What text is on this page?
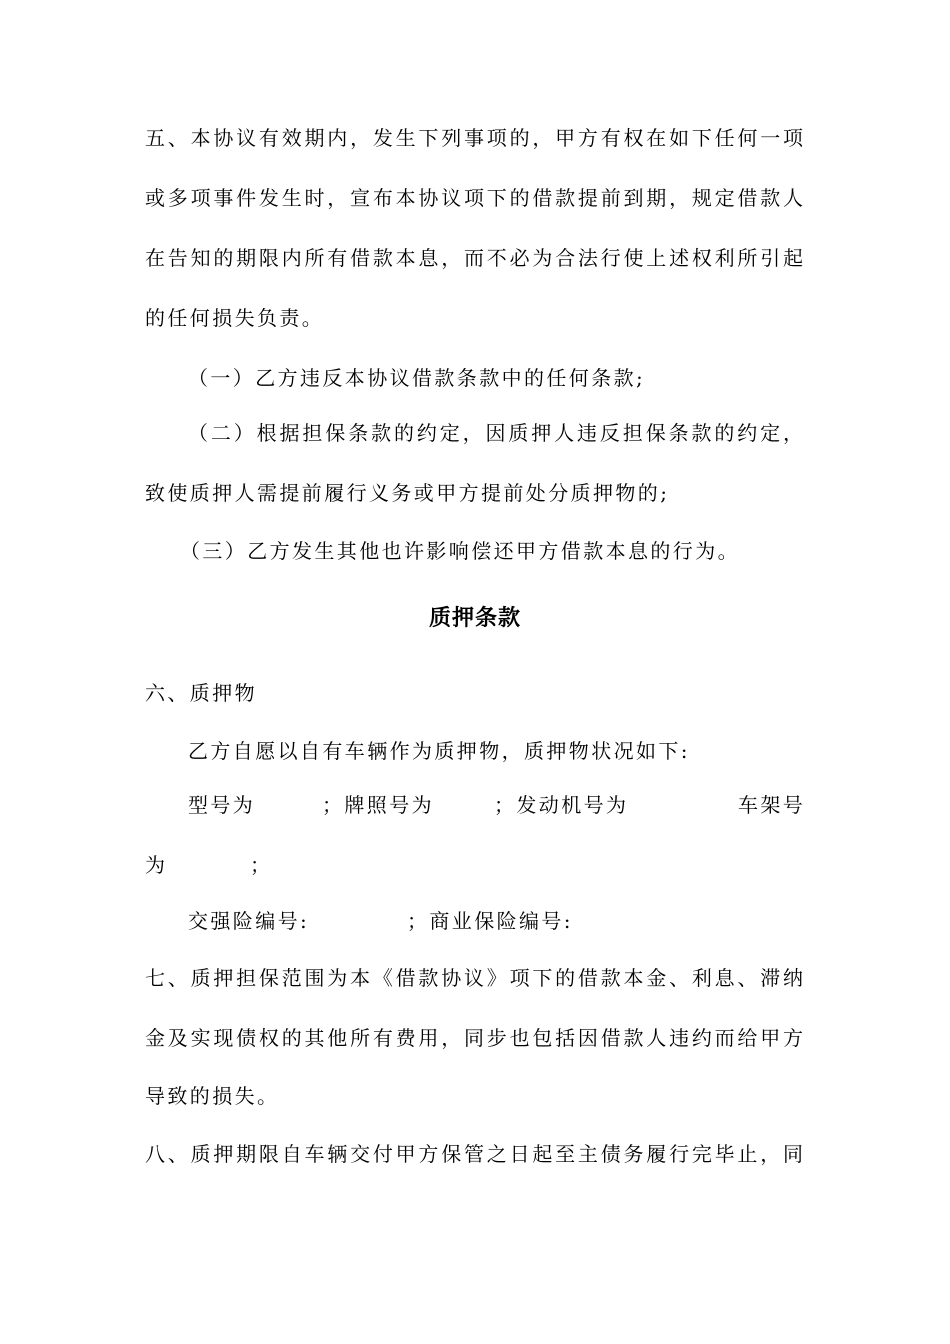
五、本协议有效期内，发生下列事项的，甲方有权在如下任何一项
或多项事件发生时，宣布本协议项下的借款提前到期，规定借款人
在告知的期限内所有借款本息，而不必为合法行使上述权利所引起
的任何损失负责。
（一）乙方违反本协议借款条款中的任何条款;
（二）根据担保条款的约定，因质押人违反担保条款的约定，
致使质押人需提前履行义务或甲方提前处分质押物的;
（三）乙方发生其他也许影响偿还甲方借款本息的行为。
质押条款
六、质押物
乙方自愿以自有车辆作为质押物，质押物状况如下:
型号为	；牌照号为	；发动机号为	车架号
为	；
交强险编号:	；商业保险编号:
七、质押担保范围为本《借款协议》项下的借款本金、利息、滞纳
金及实现债权的其他所有费用，同步也包括因借款人违约而给甲方
导致的损失。
八、质押期限自车辆交付甲方保管之日起至主债务履行完毕止，同
